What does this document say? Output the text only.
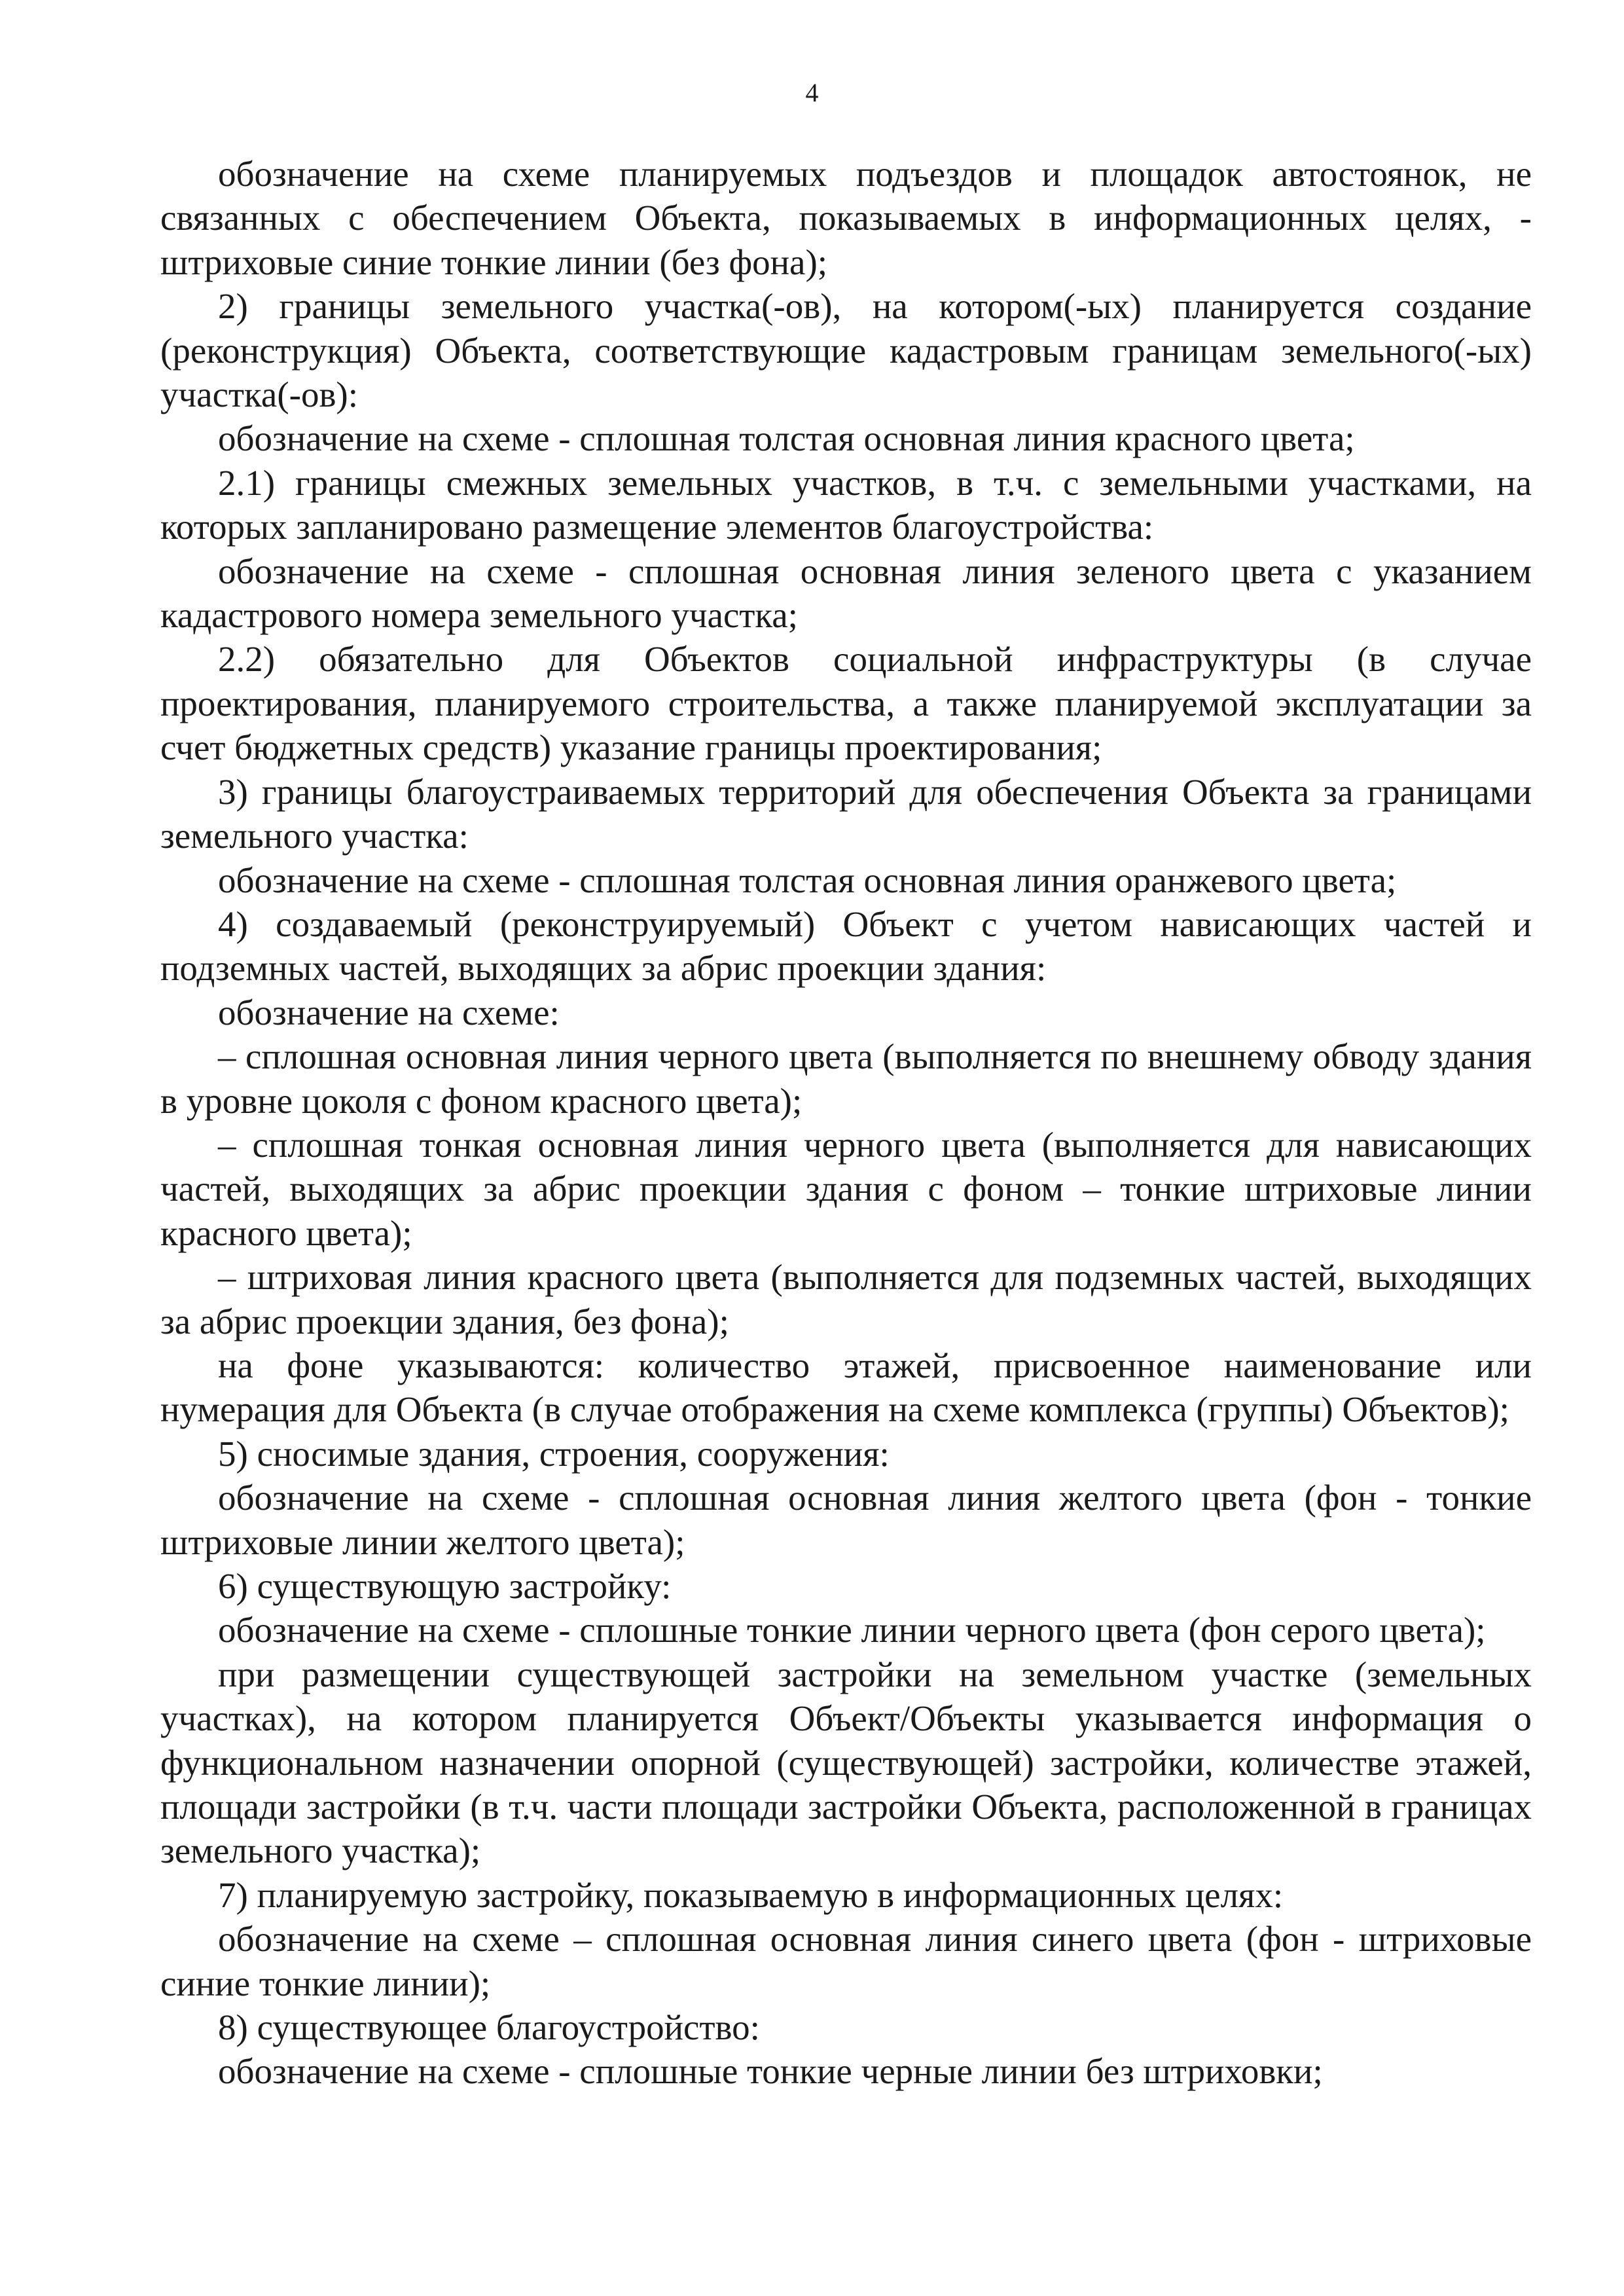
4

обозначение на схеме планируемых подъездов и площадок автостоянок, не связанных с обеспечением Объекта, показываемых в информационных целях, - штриховые синие тонкие линии (без фона);

2) границы земельного участка(-ов), на котором(-ых) планируется создание (реконструкция) Объекта, соответствующие кадастровым границам земельного(-ых) участка(-ов):

обозначение на схеме - сплошная толстая основная линия красного цвета;

2.1) границы смежных земельных участков, в т.ч. с земельными участками, на которых запланировано размещение элементов благоустройства:

обозначение на схеме - сплошная основная линия зеленого цвета с указанием кадастрового номера земельного участка;

2.2) обязательно для Объектов социальной инфраструктуры (в случае проектирования, планируемого строительства, а также планируемой эксплуатации за счет бюджетных средств) указание границы проектирования;

3) границы благоустраиваемых территорий для обеспечения Объекта за границами земельного участка:

обозначение на схеме - сплошная толстая основная линия оранжевого цвета;

4) создаваемый (реконструируемый) Объект с учетом нависающих частей и подземных частей, выходящих за абрис проекции здания:

обозначение на схеме:

– сплошная основная линия черного цвета (выполняется по внешнему обводу здания в уровне цоколя с фоном красного цвета);

– сплошная тонкая основная линия черного цвета (выполняется для нависающих частей, выходящих за абрис проекции здания с фоном – тонкие штриховые линии красного цвета);

– штриховая линия красного цвета (выполняется для подземных частей, выходящих за абрис проекции здания, без фона);

на фоне указываются: количество этажей, присвоенное наименование или нумерация для Объекта (в случае отображения на схеме комплекса (группы) Объектов);

5) сносимые здания, строения, сооружения:

обозначение на схеме - сплошная основная линия желтого цвета (фон - тонкие штриховые линии желтого цвета);

6) существующую застройку:

обозначение на схеме - сплошные тонкие линии черного цвета (фон серого цвета);

при размещении существующей застройки на земельном участке (земельных участках), на котором планируется Объект/Объекты указывается информация о функциональном назначении опорной (существующей) застройки, количестве этажей, площади застройки (в т.ч. части площади застройки Объекта, расположенной в границах земельного участка);

7) планируемую застройку, показываемую в информационных целях:

обозначение на схеме – сплошная основная линия синего цвета (фон - штриховые синие тонкие линии);

8) существующее благоустройство:

обозначение на схеме - сплошные тонкие черные линии без штриховки;
